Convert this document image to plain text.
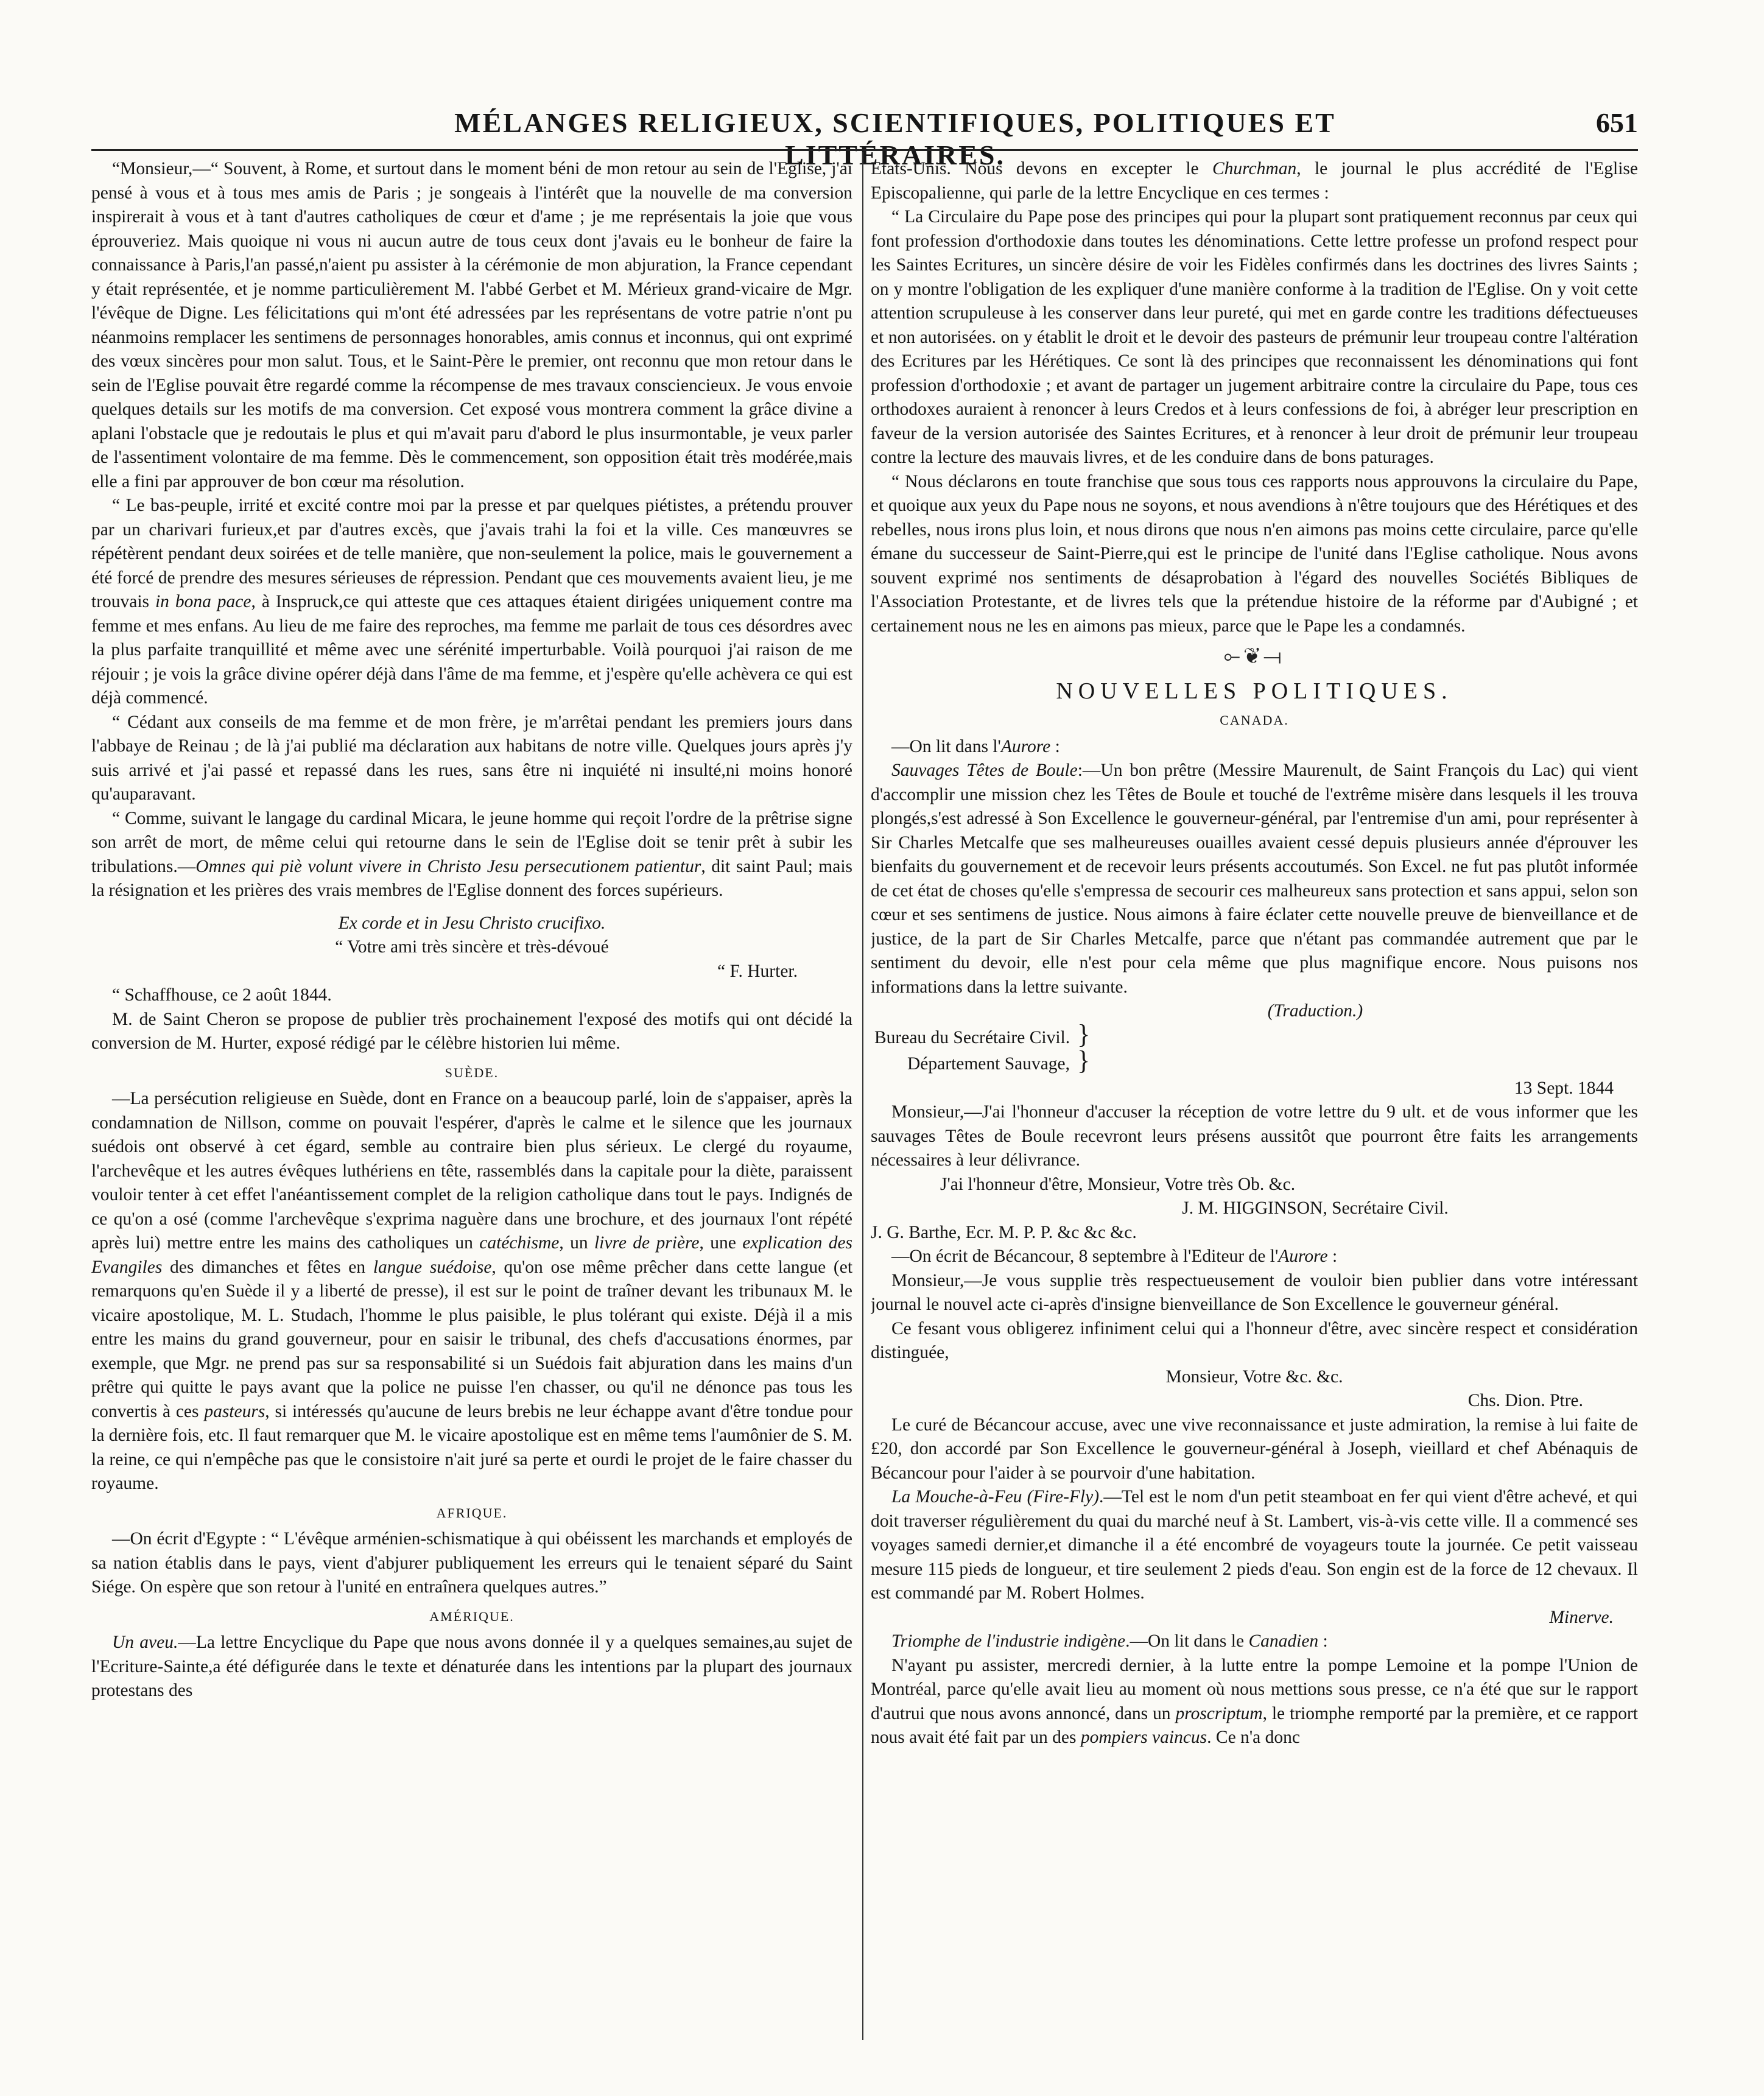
MÉLANGES RELIGIEUX, SCIENTIFIQUES, POLITIQUES ET LITTÉRAIRES.
651

“Monsieur,—“ Souvent, à Rome, et surtout dans le moment béni de mon retour au sein de l'Eglise, j'ai pensé à vous et à tous mes amis de Paris ; je songeais à l'intérêt que la nouvelle de ma conversion inspirerait à vous et à tant d'autres catholiques de cœur et d'ame ; je me représentais la joie que vous éprouveriez. Mais quoique ni vous ni aucun autre de tous ceux dont j'avais eu le bonheur de faire la connaissance à Paris,l'an passé,n'aient pu assister à la cérémonie de mon abjuration, la France cependant y était représentée, et je nomme particulièrement M. l'abbé Gerbet et M. Mérieux grand-vicaire de Mgr. l'évêque de Digne. Les félicitations qui m'ont été adressées par les représentans de votre patrie n'ont pu néanmoins remplacer les sentimens de personnages honorables, amis connus et inconnus, qui ont exprimé des vœux sincères pour mon salut. Tous, et le Saint-Père le premier, ont reconnu que mon retour dans le sein de l'Eglise pouvait être regardé comme la récompense de mes travaux consciencieux. Je vous envoie quelques details sur les motifs de ma conversion. Cet exposé vous montrera comment la grâce divine a aplani l'obstacle que je redoutais le plus et qui m'avait paru d'abord le plus insurmontable, je veux parler de l'assentiment volontaire de ma femme. Dès le commencement, son opposition était très modérée,mais elle a fini par approuver de bon cœur ma résolution.

“ Le bas-peuple, irrité et excité contre moi par la presse et par quelques piétistes, a prétendu prouver par un charivari furieux,et par d'autres excès, que j'avais trahi la foi et la ville. Ces manœuvres se répétèrent pendant deux soirées et de telle manière, que non-seulement la police, mais le gouvernement a été forcé de prendre des mesures sérieuses de répression. Pendant que ces mouvements avaient lieu, je me trouvais in bona pace, à Inspruck,ce qui atteste que ces attaques étaient dirigées uniquement contre ma femme et mes enfans. Au lieu de me faire des reproches, ma femme me parlait de tous ces désordres avec la plus parfaite tranquillité et même avec une sérénité imperturbable. Voilà pourquoi j'ai raison de me réjouir ; je vois la grâce divine opérer déjà dans l'âme de ma femme, et j'espère qu'elle achèvera ce qui est déjà commencé.

“ Cédant aux conseils de ma femme et de mon frère, je m'arrêtai pendant les premiers jours dans l'abbaye de Reinau ; de là j'ai publié ma déclaration aux habitans de notre ville. Quelques jours après j'y suis arrivé et j'ai passé et repassé dans les rues, sans être ni inquiété ni insulté,ni moins honoré qu'auparavant.

“ Comme, suivant le langage du cardinal Micara, le jeune homme qui reçoit l'ordre de la prêtrise signe son arrêt de mort, de même celui qui retourne dans le sein de l'Eglise doit se tenir prêt à subir les tribulations.—Omnes qui piè volunt vivere in Christo Jesu persecutionem patientur, dit saint Paul; mais la résignation et les prières des vrais membres de l'Eglise donnent des forces supérieurs.

Ex corde et in Jesu Christo crucifixo.

“ Votre ami très sincère et très-dévoué

“ F. Hurter.

“ Schaffhouse, ce 2 août 1844.

M. de Saint Cheron se propose de publier très prochainement l'exposé des motifs qui ont décidé la conversion de M. Hurter, exposé rédigé par le célèbre historien lui même.

SUÈDE.

—La persécution religieuse en Suède, dont en France on a beaucoup parlé, loin de s'appaiser, après la condamnation de Nillson, comme on pouvait l'espérer, d'après le calme et le silence que les journaux suédois ont observé à cet égard, semble au contraire bien plus sérieux. Le clergé du royaume, l'archevêque et les autres évêques luthériens en tête, rassemblés dans la capitale pour la diète, paraissent vouloir tenter à cet effet l'anéantissement complet de la religion catholique dans tout le pays. Indignés de ce qu'on a osé (comme l'archevêque s'exprima naguère dans une brochure, et des journaux l'ont répété après lui) mettre entre les mains des catholiques un catéchisme, un livre de prière, une explication des Evangiles des dimanches et fêtes en langue suédoise, qu'on ose même prêcher dans cette langue (et remarquons qu'en Suède il y a liberté de presse), il est sur le point de traîner devant les tribunaux M. le vicaire apostolique, M. L. Studach, l'homme le plus paisible, le plus tolérant qui existe. Déjà il a mis entre les mains du grand gouverneur, pour en saisir le tribunal, des chefs d'accusations énormes, par exemple, que Mgr. ne prend pas sur sa responsabilité si un Suédois fait abjuration dans les mains d'un prêtre qui quitte le pays avant que la police ne puisse l'en chasser, ou qu'il ne dénonce pas tous les convertis à ces pasteurs, si intéressés qu'aucune de leurs brebis ne leur échappe avant d'être tondue pour la dernière fois, etc. Il faut remarquer que M. le vicaire apostolique est en même tems l'aumônier de S. M. la reine, ce qui n'empêche pas que le consistoire n'ait juré sa perte et ourdi le projet de le faire chasser du royaume.

AFRIQUE.

—On écrit d'Egypte : “ L'évêque arménien-schismatique à qui obéissent les marchands et employés de sa nation établis dans le pays, vient d'abjurer publiquement les erreurs qui le tenaient séparé du Saint Siége. On espère que son retour à l'unité en entraînera quelques autres.”

AMÉRIQUE.

Un aveu.—La lettre Encyclique du Pape que nous avons donnée il y a quelques semaines,au sujet de l'Ecriture-Sainte,a été défigurée dans le texte et dénaturée dans les intentions par la plupart des journaux protestans des

Etats-Unis. Nous devons en excepter le Churchman, le journal le plus accrédité de l'Eglise Episcopalienne, qui parle de la lettre Encyclique en ces termes :

“ La Circulaire du Pape pose des principes qui pour la plupart sont pratiquement reconnus par ceux qui font profession d'orthodoxie dans toutes les dénominations. Cette lettre professe un profond respect pour les Saintes Ecritures, un sincère désire de voir les Fidèles confirmés dans les doctrines des livres Saints ; on y montre l'obligation de les expliquer d'une manière conforme à la tradition de l'Eglise. On y voit cette attention scrupuleuse à les conserver dans leur pureté, qui met en garde contre les traditions défectueuses et non autorisées. on y établit le droit et le devoir des pasteurs de prémunir leur troupeau contre l'altération des Ecritures par les Hérétiques. Ce sont là des principes que reconnaissent les dénominations qui font profession d'orthodoxie ; et avant de partager un jugement arbitraire contre la circulaire du Pape, tous ces orthodoxes auraient à renoncer à leurs Credos et à leurs confessions de foi, à abréger leur prescription en faveur de la version autorisée des Saintes Ecritures, et à renoncer à leur droit de prémunir leur troupeau contre la lecture des mauvais livres, et de les conduire dans de bons paturages.

“ Nous déclarons en toute franchise que sous tous ces rapports nous approuvons la circulaire du Pape, et quoique aux yeux du Pape nous ne soyons, et nous avendions à n'être toujours que des Hérétiques et des rebelles, nous irons plus loin, et nous dirons que nous n'en aimons pas moins cette circulaire, parce qu'elle émane du successeur de Saint-Pierre,qui est le principe de l'unité dans l'Eglise catholique. Nous avons souvent exprimé nos sentiments de désaprobation à l'égard des nouvelles Sociétés Bibliques de l'Association Protestante, et de livres tels que la prétendue histoire de la réforme par d'Aubigné ; et certainement nous ne les en aimons pas mieux, parce que le Pape les a condamnés.

⟜❦⟞

NOUVELLES POLITIQUES.

CANADA.

—On lit dans l'Aurore :

Sauvages Têtes de Boule:—Un bon prêtre (Messire Maurenult, de Saint François du Lac) qui vient d'accomplir une mission chez les Têtes de Boule et touché de l'extrême misère dans lesquels il les trouva plongés,s'est adressé à Son Excellence le gouverneur-général, par l'entremise d'un ami, pour représenter à Sir Charles Metcalfe que ses malheureuses ouailles avaient cessé depuis plusieurs année d'éprouver les bienfaits du gouvernement et de recevoir leurs présents accoutumés. Son Excel. ne fut pas plutôt informée de cet état de choses qu'elle s'empressa de secourir ces malheureux sans protection et sans appui, selon son cœur et ses sentimens de justice. Nous aimons à faire éclater cette nouvelle preuve de bienveillance et de justice, de la part de Sir Charles Metcalfe, parce que n'étant pas commandée autrement que par le sentiment du devoir, elle n'est pour cela même que plus magnifique encore. Nous puisons nos informations dans la lettre suivante.

(Traduction.)

Bureau du Secrétaire Civil. }

Département Sauvage, }

13 Sept. 1844

Monsieur,—J'ai l'honneur d'accuser la réception de votre lettre du 9 ult. et de vous informer que les sauvages Têtes de Boule recevront leurs présens aussitôt que pourront être faits les arrangements nécessaires à leur délivrance.

J'ai l'honneur d'être, Monsieur, Votre très Ob. &c.

J. M. HIGGINSON, Secrétaire Civil.

J. G. Barthe, Ecr. M. P. P. &c &c &c.

—On écrit de Bécancour, 8 septembre à l'Editeur de l'Aurore :

Monsieur,—Je vous supplie très respectueusement de vouloir bien publier dans votre intéressant journal le nouvel acte ci-après d'insigne bienveillance de Son Excellence le gouverneur général.

Ce fesant vous obligerez infiniment celui qui a l'honneur d'être, avec sincère respect et considération distinguée,

Monsieur, Votre &c. &c.

Chs. Dion. Ptre.

Le curé de Bécancour accuse, avec une vive reconnaissance et juste admiration, la remise à lui faite de £20, don accordé par Son Excellence le gouverneur-général à Joseph, vieillard et chef Abénaquis de Bécancour pour l'aider à se pourvoir d'une habitation.

La Mouche-à-Feu (Fire-Fly).—Tel est le nom d'un petit steamboat en fer qui vient d'être achevé, et qui doit traverser régulièrement du quai du marché neuf à St. Lambert, vis-à-vis cette ville. Il a commencé ses voyages samedi dernier,et dimanche il a été encombré de voyageurs toute la journée. Ce petit vaisseau mesure 115 pieds de longueur, et tire seulement 2 pieds d'eau. Son engin est de la force de 12 chevaux. Il est commandé par M. Robert Holmes.

Minerve.

Triomphe de l'industrie indigène.—On lit dans le Canadien :

N'ayant pu assister, mercredi dernier, à la lutte entre la pompe Lemoine et la pompe l'Union de Montréal, parce qu'elle avait lieu au moment où nous mettions sous presse, ce n'a été que sur le rapport d'autrui que nous avons annoncé, dans un proscriptum, le triomphe remporté par la première, et ce rapport nous avait été fait par un des pompiers vaincus. Ce n'a donc
